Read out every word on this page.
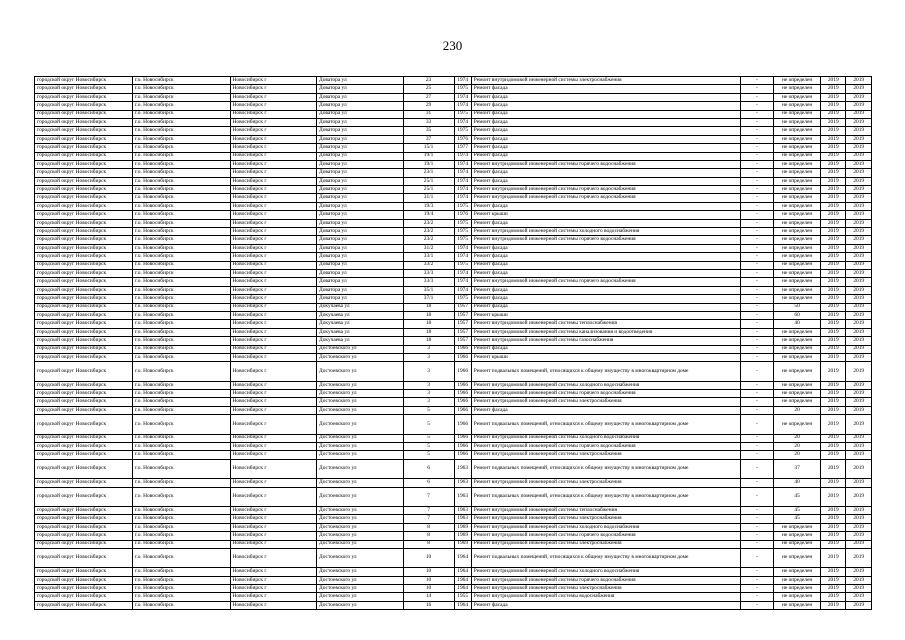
230
городской округ Новосибирск	г.о. Новосибирск	Новосибирск г	Доватора ул	23	1974	Ремонт внутридомовой инженерной системы электроснабжения	-	не определен	2019	2019
городской округ Новосибирск	г.о. Новосибирск	Новосибирск г	Доватора ул	25	1975	Ремонт фасада	-	не определен	2019	2019
городской округ Новосибирск	г.о. Новосибирск	Новосибирск г	Доватора ул	27	1974	Ремонт фасада	-	не определен	2019	2019
городской округ Новосибирск	г.о. Новосибирск	Новосибирск г	Доватора ул	29	1974	Ремонт фасада	-	не определен	2019	2019
городской округ Новосибирск	г.о. Новосибирск	Новосибирск г	Доватора ул	31	1975	Ремонт фасада	-	не определен	2019	2019
городской округ Новосибирск	г.о. Новосибирск	Новосибирск г	Доватора ул	33	1974	Ремонт фасада	-	не определен	2019	2019
городской округ Новосибирск	г.о. Новосибирск	Новосибирск г	Доватора ул	35	1975	Ремонт фасада	-	не определен	2019	2019
городской округ Новосибирск	г.о. Новосибирск	Новосибирск г	Доватора ул	37	1976	Ремонт фасада	-	не определен	2019	2019
городской округ Новосибирск	г.о. Новосибирск	Новосибирск г	Доватора ул	15/1	1977	Ремонт фасада	-	не определен	2019	2019
городской округ Новосибирск	г.о. Новосибирск	Новосибирск г	Доватора ул	19/1	1974	Ремонт фасада	-	не определен	2019	2019
городской округ Новосибирск	г.о. Новосибирск	Новосибирск г	Доватора ул	19/1	1974	Ремонт внутридомовой инженерной системы горячего водоснабжения	-	не определен	2019	2019
городской округ Новосибирск	г.о. Новосибирск	Новосибирск г	Доватора ул	23/1	1974	Ремонт фасада	-	не определен	2019	2019
городской округ Новосибирск	г.о. Новосибирск	Новосибирск г	Доватора ул	25/1	1974	Ремонт фасада	-	не определен	2019	2019
городской округ Новосибирск	г.о. Новосибирск	Новосибирск г	Доватора ул	25/1	1974	Ремонт внутридомовой инженерной системы горячего водоснабжения	-	не определен	2019	2019
городской округ Новосибирск	г.о. Новосибирск	Новосибирск г	Доватора ул	31/1	1974	Ремонт внутридомовой инженерной системы горячего водоснабжения	-	не определен	2019	2019
городской округ Новосибирск	г.о. Новосибирск	Новосибирск г	Доватора ул	19/3	1975	Ремонт фасада	-	не определен	2019	2019
городской округ Новосибирск	г.о. Новосибирск	Новосибирск г	Доватора ул	19/4	1976	Ремонт крыши	-	не определен	2019	2019
городской округ Новосибирск	г.о. Новосибирск	Новосибирск г	Доватора ул	23/2	1975	Ремонт фасада	-	не определен	2019	2019
городской округ Новосибирск	г.о. Новосибирск	Новосибирск г	Доватора ул	23/2	1975	Ремонт внутридомовой инженерной системы холодного водоснабжения	-	не определен	2019	2019
городской округ Новосибирск	г.о. Новосибирск	Новосибирск г	Доватора ул	23/2	1975	Ремонт внутридомовой инженерной системы горячего водоснабжения	-	не определен	2019	2019
городской округ Новосибирск	г.о. Новосибирск	Новосибирск г	Доватора ул	31/2	1974	Ремонт фасада	-	не определен	2019	2019
городской округ Новосибирск	г.о. Новосибирск	Новосибирск г	Доватора ул	33/1	1974	Ремонт фасада	-	не определен	2019	2019
городской округ Новосибирск	г.о. Новосибирск	Новосибирск г	Доватора ул	33/2	1975	Ремонт фасада	-	не определен	2019	2019
городской округ Новосибирск	г.о. Новосибирск	Новосибирск г	Доватора ул	33/3	1974	Ремонт фасада	-	не определен	2019	2019
городской округ Новосибирск	г.о. Новосибирск	Новосибирск г	Доватора ул	33/3	1974	Ремонт внутридомовой инженерной системы горячего водоснабжения	-	не определен	2019	2019
городской округ Новосибирск	г.о. Новосибирск	Новосибирск г	Доватора ул	35/1	1974	Ремонт фасада	-	не определен	2019	2019
городской округ Новосибирск	г.о. Новосибирск	Новосибирск г	Доватора ул	37/1	1975	Ремонт фасада	-	не определен	2019	2019
городской округ Новосибирск	г.о. Новосибирск	Новосибирск г	Докучаева ул	18	1957	Ремонт фасада	-	50	2019	2019
городской округ Новосибирск	г.о. Новосибирск	Новосибирск г	Докучаева ул	18	1957	Ремонт крыши	-	60	2019	2019
городской округ Новосибирск	г.о. Новосибирск	Новосибирск г	Докучаева ул	18	1957	Ремонт внутридомовой инженерной системы теплоснабжения	-	40	2019	2019
городской округ Новосибирск	г.о. Новосибирск	Новосибирск г	Докучаева ул	18	1957	Ремонт внутридомовой инженерной системы канализования и водоотведения	-	не определен	2019	2019
городской округ Новосибирск	г.о. Новосибирск	Новосибирск г	Докучаева ул	18	1957	Ремонт внутридомовой инженерной системы газоснабжения	-	не определен	2019	2019
городской округ Новосибирск	г.о. Новосибирск	Новосибирск г	Достоевского ул	3	1966	Ремонт фасада	-	не определен	2019	2019
городской округ Новосибирск	г.о. Новосибирск	Новосибирск г	Достоевского ул	3	1966	Ремонт крыши	-	не определен	2019	2019
городской округ Новосибирск	г.о. Новосибирск	Новосибирск г	Достоевского ул	3	1966	Ремонт подвальных помещений, относящихся к общему имуществу в многоквартирном доме	-	не определен	2019	2019
городской округ Новосибирск	г.о. Новосибирск	Новосибирск г	Достоевского ул	3	1966	Ремонт внутридомовой инженерной системы холодного водоснабжения	-	не определен	2019	2019
городской округ Новосибирск	г.о. Новосибирск	Новосибирск г	Достоевского ул	3	1966	Ремонт внутридомовой инженерной системы горячего водоснабжения	-	не определен	2019	2019
городской округ Новосибирск	г.о. Новосибирск	Новосибирск г	Достоевского ул	3	1966	Ремонт внутридомовой инженерной системы электроснабжения	-	не определен	2019	2019
городской округ Новосибирск	г.о. Новосибирск	Новосибирск г	Достоевского ул	5	1966	Ремонт фасада	-	20	2019	2019
городской округ Новосибирск	г.о. Новосибирск	Новосибирск г	Достоевского ул	5	1966	Ремонт подвальных помещений, относящихся к общему имуществу в многоквартирном доме	-	не определен	2019	2019
городской округ Новосибирск	г.о. Новосибирск	Новосибирск г	Достоевского ул	5	1966	Ремонт внутридомовой инженерной системы холодного водоснабжения	-	20	2019	2019
городской округ Новосибирск	г.о. Новосибирск	Новосибирск г	Достоевского ул	5	1966	Ремонт внутридомовой инженерной системы горячего водоснабжения	-	20	2019	2019
городской округ Новосибирск	г.о. Новосибирск	Новосибирск г	Достоевского ул	5	1966	Ремонт внутридомовой инженерной системы электроснабжения	-	20	2019	2019
городской округ Новосибирск	г.о. Новосибирск	Новосибирск г	Достоевского ул	6	1963	Ремонт подвальных помещений, относящихся к общему имуществу в многоквартирном доме	-	37	2019	2019
городской округ Новосибирск	г.о. Новосибирск	Новосибирск г	Достоевского ул	6	1963	Ремонт внутридомовой инженерной системы электроснабжения	-	40	2019	2019
городской округ Новосибирск	г.о. Новосибирск	Новосибирск г	Достоевского ул	7	1963	Ремонт подвальных помещений, относящихся к общему имуществу в многоквартирном доме	-	45	2019	2019
городской округ Новосибирск	г.о. Новосибирск	Новосибирск г	Достоевского ул	7	1963	Ремонт внутридомовой инженерной системы теплоснабжения	-	45	2019	2019
городской округ Новосибирск	г.о. Новосибирск	Новосибирск г	Достоевского ул	7	1963	Ремонт внутридомовой инженерной системы электроснабжения	-	45	2019	2019
городской округ Новосибирск	г.о. Новосибирск	Новосибирск г	Достоевского ул	8	1969	Ремонт внутридомовой инженерной системы холодного водоснабжения	-	не определен	2019	2019
городской округ Новосибирск	г.о. Новосибирск	Новосибирск г	Достоевского ул	8	1969	Ремонт внутридомовой инженерной системы горячего водоснабжения	-	не определен	2019	2019
городской округ Новосибирск	г.о. Новосибирск	Новосибирск г	Достоевского ул	8	1969	Ремонт внутридомовой инженерной системы электроснабжения	-	не определен	2019	2019
городской округ Новосибирск	г.о. Новосибирск	Новосибирск г	Достоевского ул	10	1964	Ремонт подвальных помещений, относящихся к общему имуществу в многоквартирном доме	-	не определен	2019	2019
городской округ Новосибирск	г.о. Новосибирск	Новосибирск г	Достоевского ул	10	1964	Ремонт внутридомовой инженерной системы холодного водоснабжения	-	не определен	2019	2019
городской округ Новосибирск	г.о. Новосибирск	Новосибирск г	Достоевского ул	10	1964	Ремонт внутридомовой инженерной системы горячего водоснабжения	-	не определен	2019	2019
городской округ Новосибирск	г.о. Новосибирск	Новосибирск г	Достоевского ул	10	1964	Ремонт внутридомовой инженерной системы электроснабжения	-	не определен	2019	2019
городской округ Новосибирск	г.о. Новосибирск	Новосибирск г	Достоевского ул	14	1955	Ремонт внутридомовой инженерной системы водоснабжения	-	не определен	2019	2019
городской округ Новосибирск	г.о. Новосибирск	Новосибирск г	Достоевского ул	16	1964	Ремонт фасада	-	не определен	2019	2019
